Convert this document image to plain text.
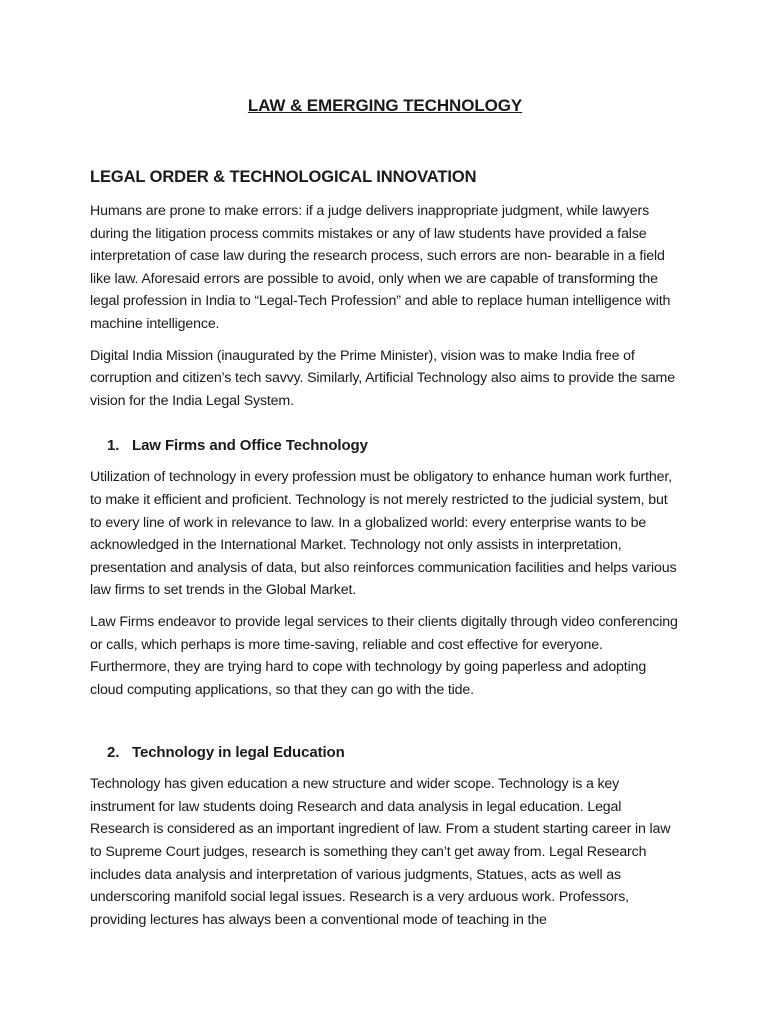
LAW & EMERGING TECHNOLOGY
LEGAL ORDER & TECHNOLOGICAL INNOVATION

Humans are prone to make errors: if a judge delivers inappropriate judgment, while lawyers during the litigation process commits mistakes or any of law students have provided a false interpretation of case law during the research process, such errors are non- bearable in a field like law. Aforesaid errors are possible to avoid, only when we are capable of transforming the legal profession in India to “Legal-Tech Profession” and able to replace human intelligence with machine intelligence.

Digital India Mission (inaugurated by the Prime Minister), vision was to make India free of corruption and citizen’s tech savvy. Similarly, Artificial Technology also aims to provide the same vision for the India Legal System.

1. Law Firms and Office Technology

Utilization of technology in every profession must be obligatory to enhance human work further, to make it efficient and proficient. Technology is not merely restricted to the judicial system, but to every line of work in relevance to law. In a globalized world: every enterprise wants to be acknowledged in the International Market. Technology not only assists in interpretation, presentation and analysis of data, but also reinforces communication facilities and helps various law firms to set trends in the Global Market.

Law Firms endeavor to provide legal services to their clients digitally through video conferencing or calls, which perhaps is more time-saving, reliable and cost effective for everyone. Furthermore, they are trying hard to cope with technology by going paperless and adopting cloud computing applications, so that they can go with the tide.

2. Technology in legal Education

Technology has given education a new structure and wider scope. Technology is a key instrument for law students doing Research and data analysis in legal education. Legal Research is considered as an important ingredient of law. From a student starting career in law to Supreme Court judges, research is something they can’t get away from. Legal Research includes data analysis and interpretation of various judgments, Statues, acts as well as underscoring manifold social legal issues. Research is a very arduous work. Professors, providing lectures has always been a conventional mode of teaching in the
